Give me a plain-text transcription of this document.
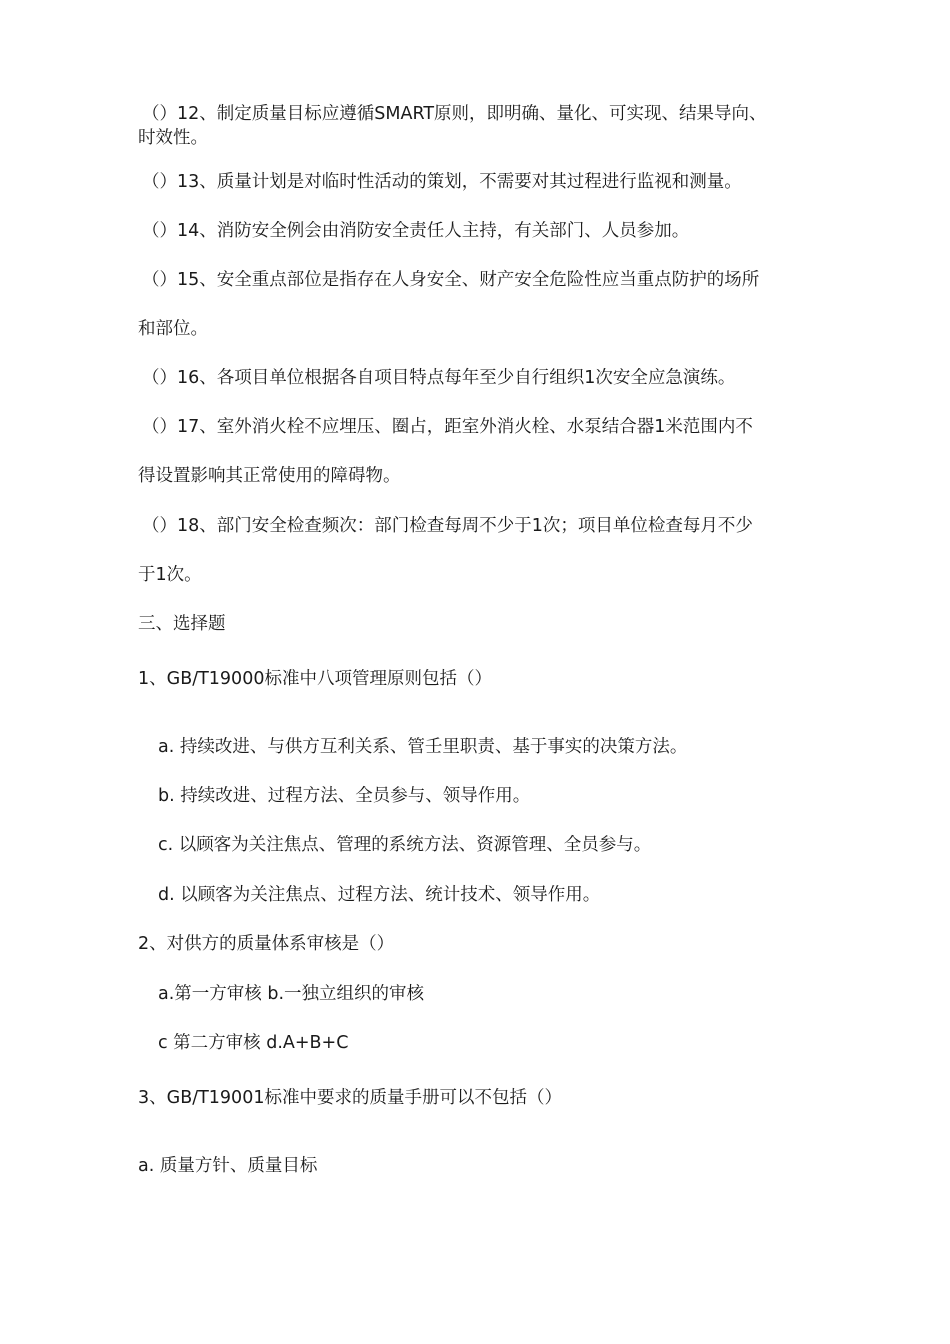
（）12、制定质量目标应遵循SMART原则，即明确、量化、可实现、结果导向、
时效性。
（）13、质量计划是对临时性活动的策划，不需要对其过程进行监视和测量。
（）14、消防安全例会由消防安全责任人主持，有关部门、人员参加。
（）15、安全重点部位是指存在人身安全、财产安全危险性应当重点防护的场所
和部位。
（）16、各项目单位根据各自项目特点每年至少自行组织1次安全应急演练。
（）17、室外消火栓不应埋压、圈占，距室外消火栓、水泵结合器1米范围内不
得设置影响其正常使用的障碍物。
（）18、部门安全检查频次：部门检查每周不少于1次；项目单位检查每月不少
于1次。
三、选择题
1、GB/T19000标准中八项管理原则包括（）
a. 持续改进、与供方互利关系、管壬里职责、基于事实的决策方法。
b. 持续改进、过程方法、全员参与、领导作用。
c. 以顾客为关注焦点、管理的系统方法、资源管理、全员参与。
d. 以顾客为关注焦点、过程方法、统计技术、领导作用。
2、对供方的质量体系审核是（）
a.第一方审核 b.一独立组织的审核
c 第二方审核 d.A+B+C
3、GB/T19001标准中要求的质量手册可以不包括（）
a. 质量方针、质量目标
